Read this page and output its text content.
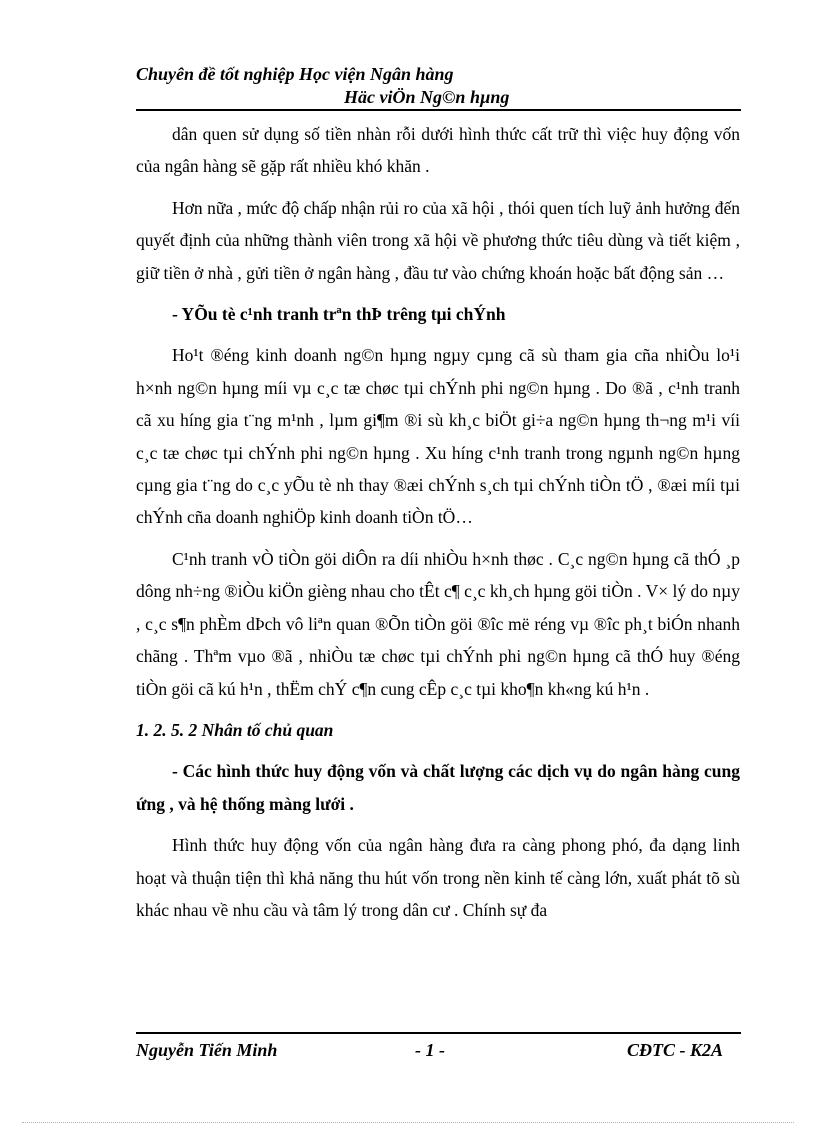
Chuyên đề tốt nghiệp Học viện Ngân hàng
Häc viÖn Ng©n hµng

dân quen sử dụng số tiền nhàn rỗi dưới hình thức cất trữ thì việc huy động vốn của ngân hàng sẽ gặp rất nhiều khó khăn .

Hơn nữa , mức độ chấp nhận rủi ro của xã hội , thói quen tích luỹ ảnh hưởng đến quyết định của những thành viên trong xã hội về phương thức tiêu dùng và tiết kiệm , giữ tiền ở nhà , gửi tiền ở ngân hàng , đầu tư vào chứng khoán hoặc bất động sản …

- YÕu tè c¹nh tranh trªn thÞ trêng tµi chÝnh

Ho¹t ®éng kinh doanh ng©n hµng ngµy cµng cã sù tham gia cña nhiÒu lo¹i h×nh ng©n hµng míi vµ c¸c tæ chøc tµi chÝnh phi ng©n hµng . Do ®ã , c¹nh tranh cã xu híng gia t¨ng m¹nh , lµm gi¶m ®i sù kh¸c biÖt gi÷a ng©n hµng th¬ng m¹i víi c¸c tæ chøc tµi chÝnh phi ng©n hµng . Xu híng c¹nh tranh trong ngµnh ng©n hµng cµng gia t¨ng do c¸c yÕu tè nh thay ®æi chÝnh s¸ch tµi chÝnh tiÒn tÖ , ®æi míi tµi chÝnh cña doanh nghiÖp kinh doanh tiÒn tÖ…

C¹nh tranh vÒ tiÒn göi diÔn ra díi nhiÒu h×nh thøc . C¸c ng©n hµng cã thÓ ¸p dông nh÷ng ®iÒu kiÖn gièng nhau cho tÊt c¶ c¸c kh¸ch hµng göi tiÒn . V× lý do nµy , c¸c s¶n phÈm dÞch vô liªn quan ®Õn tiÒn göi ®îc më réng vµ ®îc ph¸t biÓn nhanh chãng . Thªm vµo ®ã , nhiÒu tæ chøc tµi chÝnh phi ng©n hµng cã thÓ huy ®éng tiÒn göi cã kú h¹n , thËm chÝ c¶n cung cÊp c¸c tµi kho¶n kh«ng kú h¹n .

1. 2. 5. 2 Nhân tố chủ quan

- Các hình thức huy động vốn và chất lượng các dịch vụ do ngân hàng cung ứng , và hệ thống màng lưới .

Hình thức huy động vốn của ngân hàng đưa ra càng phong phó, đa dạng linh hoạt và thuận tiện thì khả năng thu hút vốn trong nền kinh tế càng lớn, xuất phát tõ sù khác nhau về nhu cầu và tâm lý trong dân cư . Chính sự đa

Nguyễn Tiến Minh	- 1 -	CĐTC - K2A
